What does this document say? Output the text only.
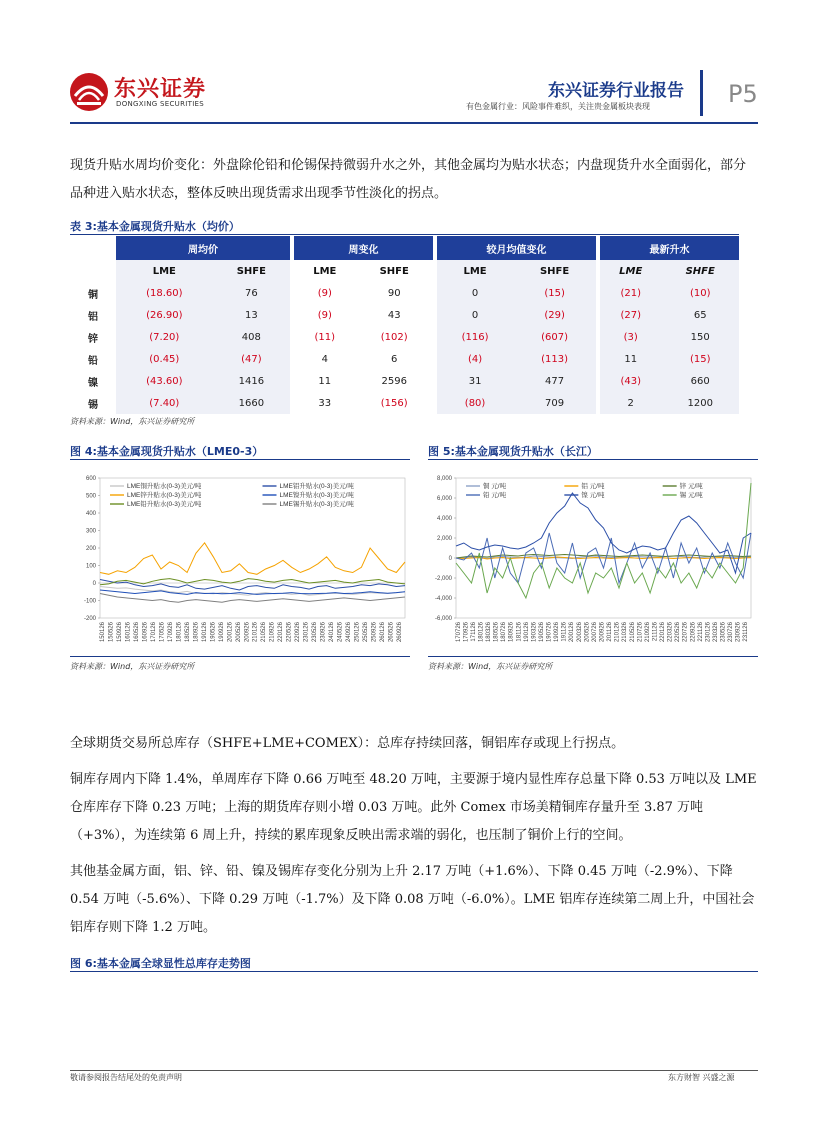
东兴证券
DONGXING SECURITIES
东兴证券行业报告
有色金属行业：风险事件难织，关注贵金属板块表现	P5
现货升贴水周均价变化：外盘除伦铅和伦锡保持微弱升水之外，其他金属均为贴水状态；内盘现货升水全面弱化，部分品种进入贴水状态，整体反映出现货需求出现季节性淡化的拐点。
表 3:基本金属现货升贴水（均价）
	周均价			周变化			较月均值变化			最新升水	
	LME	SHFE		LME	SHFE		LME	SHFE		LME	SHFE
铜	(18.60)	76		(9)	90		0	(15)		(21)	(10)
铝	(26.90)	13		(9)	43		0	(29)		(27)	65
锌	(7.20)	408		(11)	(102)		(116)	(607)		(3)	150
铅	(0.45)	(47)		4	6		(4)	(113)		11	(15)
镍	(43.60)	1416		11	2596		31	477		(43)	660
锡	(7.40)	1660		33	(156)		(80)	709		2	1200
资料来源：Wind，东兴证券研究所
图 4:基本金属现货升贴水（LME0-3）
600
500
400
300
200
100
0
-100
-200
150126 150526 150926 160126 160526 160926 170126 170526 170926 180126 180526 180926 190126 190526 190926 200126 200526 200926 210126 210526 210926 220126 220526 220926 230126 230526 230926 240126 240526 240926 250126 250526 250926 260126 260526 260926
LME铜升贴水(0-3)美元/吨	LME铝升贴水(0-3)美元/吨
LME锌升贴水(0-3)美元/吨	LME镍升贴水(0-3)美元/吨
LME铅升贴水(0-3)美元/吨	LME锡升贴水(0-3)美元/吨
资料来源：Wind，东兴证券研究所
图 5:基本金属现货升贴水（长江）
8,000
6,000
4,000
2,000
0
-2,000
-4,000
-6,000
170726 170926 171126 180126 180326 180526 180726 180926 181126 190126 190326 190526 190726 190926 191126 200126 200326 200526 200726 200926 201126 210126 210326 210526 210726 210926 211126 220126 220326 220526 220726 220926 221126 230126 230326 230526 230726 230926 231126
铜 元/吨	铝 元/吨	锌 元/吨
铅 元/吨	镍 元/吨	锡 元/吨
资料来源：Wind，东兴证券研究所
全球期货交易所总库存（SHFE+LME+COMEX）：总库存持续回落，铜铝库存或现上行拐点。
铜库存周内下降 1.4%，单周库存下降 0.66 万吨至 48.20 万吨，主要源于境内显性库存总量下降 0.53 万吨以及 LME 仓库库存下降 0.23 万吨；上海的期货库存则小增 0.03 万吨。此外 Comex 市场美精铜库存量升至 3.87 万吨（+3%），为连续第 6 周上升，持续的累库现象反映出需求端的弱化，也压制了铜价上行的空间。
其他基金属方面，铝、锌、铅、镍及锡库存变化分别为上升 2.17 万吨（+1.6%）、下降 0.45 万吨（-2.9%）、下降 0.54 万吨（-5.6%）、下降 0.29 万吨（-1.7%）及下降 0.08 万吨（-6.0%）。LME 铝库存连续第二周上升，中国社会铝库存则下降 1.2 万吨。
图 6:基本金属全球显性总库存走势图
敬请参阅报告结尾处的免责声明	东方财智 兴盛之源
